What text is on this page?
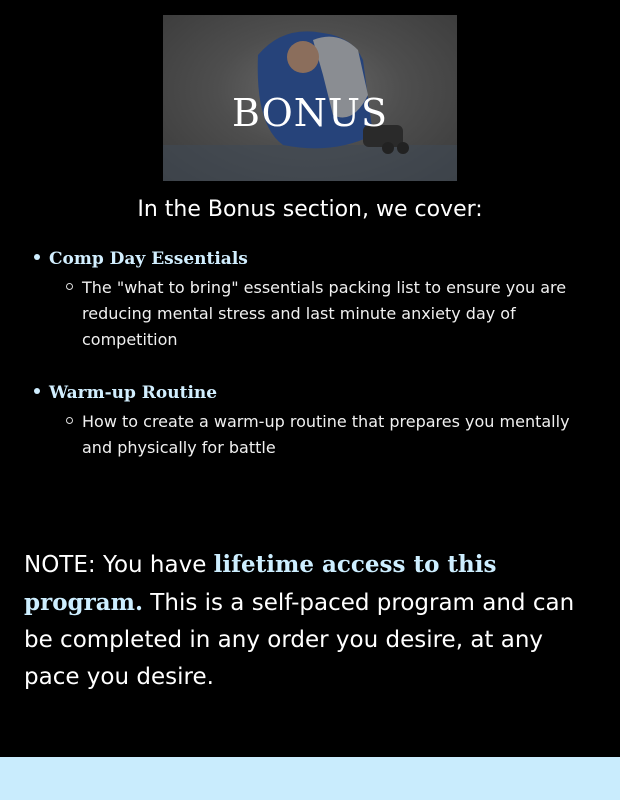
BONUS
In the Bonus section, we cover:
Comp Day Essentials
The "what to bring" essentials packing list to ensure you are reducing mental stress and last minute anxiety day of competition
Warm-up Routine
How to create a warm-up routine that prepares you mentally and physically for battle
NOTE: You have lifetime access to this program. This is a self-paced program and can be completed in any order you desire, at any pace you desire.
